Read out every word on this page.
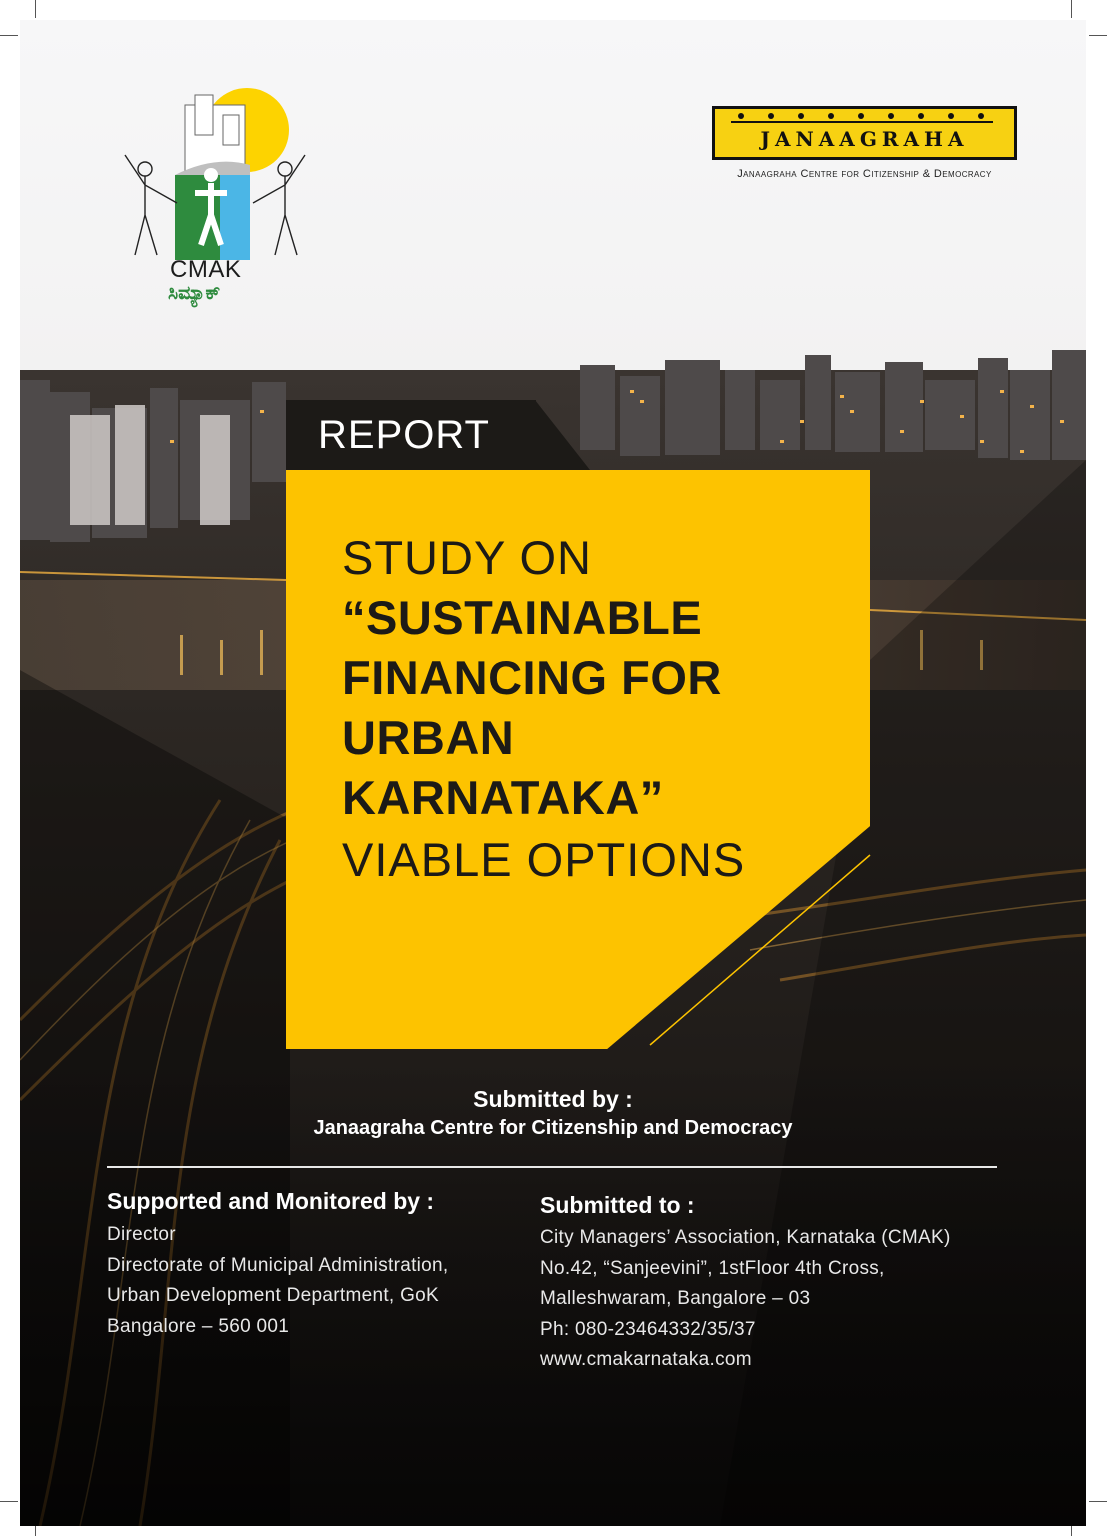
CMAK
ಸಿಮ್ಯಾಕ್
JANAAGRAHA
Janaagraha Centre for Citizenship & Democracy
REPORT
STUDY ON
“SUSTAINABLE
FINANCING FOR
URBAN
KARNATAKA”
VIABLE OPTIONS
Submitted by :
Janaagraha Centre for Citizenship and Democracy
Supported and Monitored by :
Director
Directorate of Municipal Administration,
Urban Development Department, GoK
Bangalore – 560 001
Submitted to :
City Managers’ Association, Karnataka (CMAK)
No.42, “Sanjeevini”, 1stFloor 4th Cross,
Malleshwaram, Bangalore – 03
Ph: 080-23464332/35/37
www.cmakarnataka.com
